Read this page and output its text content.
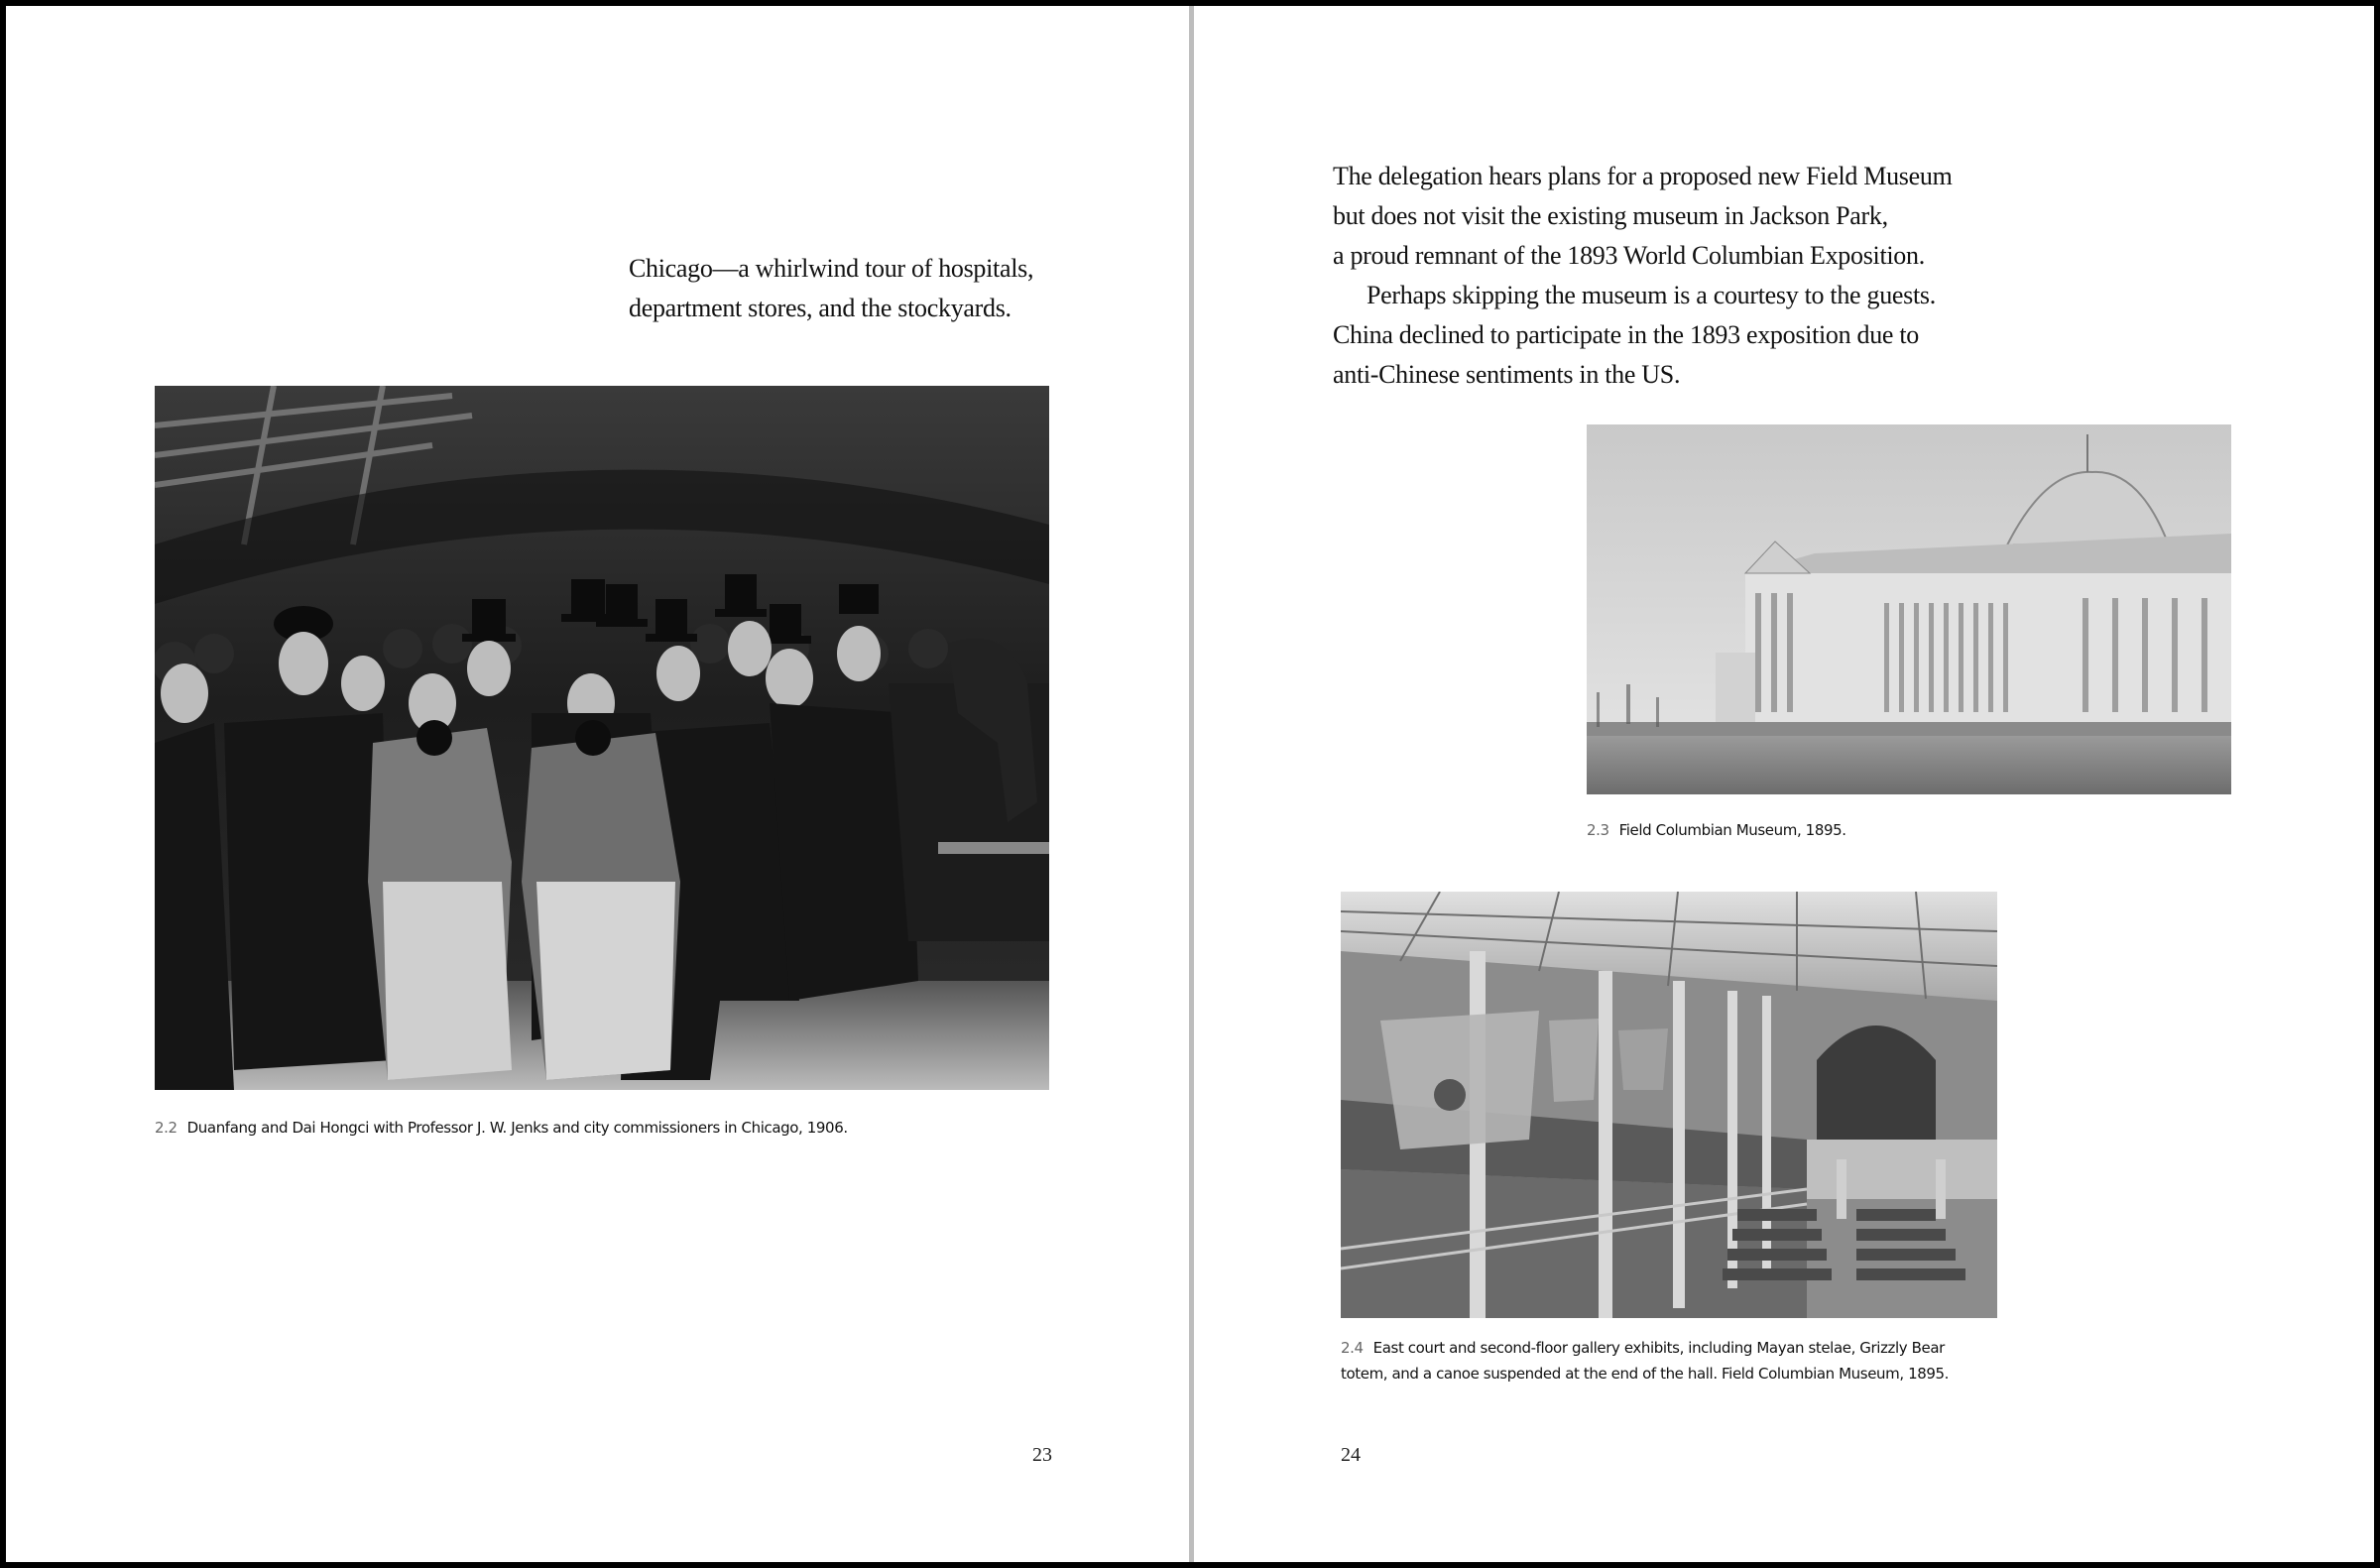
Chicago—a whirlwind tour of hospitals,

department stores, and the stockyards.

2.2 Duanfang and Dai Hongci with Professor J. W. Jenks and city commissioners in Chicago, 1906.

23

The delegation hears plans for a proposed new Field Museum

but does not visit the existing museum in Jackson Park,

a proud remnant of the 1893 World Columbian Exposition.

Perhaps skipping the museum is a courtesy to the guests.

China declined to participate in the 1893 exposition due to

anti-Chinese sentiments in the US.

2.3 Field Columbian Museum, 1895.

2.4 East court and second-floor gallery exhibits, including Mayan stelae, Grizzly Bear
totem, and a canoe suspended at the end of the hall. Field Columbian Museum, 1895.
24
